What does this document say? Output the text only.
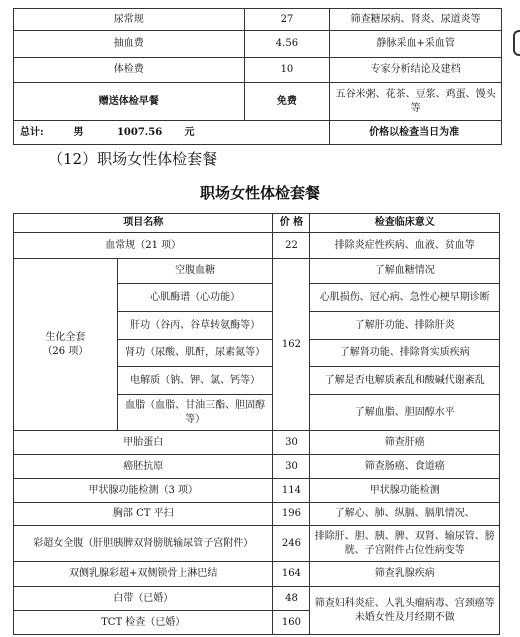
尿常规	27	筛查糖尿病、肾炎、尿道炎等
抽血费	4.56	静脉采血+采血管
体检费	10	专家分析结论及建档
赠送体检早餐	免费	五谷米粥、花茶、豆浆、鸡蛋、馒头等
总计: 男 1007.56 元		价格以检查当日为准
（12）职场女性体检套餐
职场女性体检套餐
项目名称		价 格	检查临床意义
血常规（21 项）		22	排除炎症性疾病、血液、贫血等

生化全套
（26 项）	空腹血糖	162	了解血糖情况
	心肌酶谱（心功能）		心肌损伤、冠心病、急性心梗早期诊断
	肝功（谷丙、谷草转氨酶等）		了解肝功能、排除肝炎
	肾功（尿酸、肌酐，尿素氮等）		了解肾功能、排除肾实质疾病
	电解质（钠、钾、氯、钙等）		了解是否电解质紊乱和酸碱代谢紊乱
	血脂（血脂、甘油三酯、胆固醇等）		了解血脂、胆固醇水平
甲胎蛋白		30	筛查肝癌
癌胚抗原		30	筛查肠癌、食道癌
甲状腺功能检测（3 项）		114	甲状腺功能检测
胸部 CT 平扫		196	了解心、肺、纵膈、膈肌情况、
彩超女全腹（肝胆胰脾双肾膀胱输尿管子宫附件）		246	排除肝、胆、胰、脾、双肾、输尿管、膀胱、子宫附件占位性病变等
双侧乳腺彩超+双侧锁骨上淋巴结		164	筛查乳腺疾病
白带（已婚）		48	筛查妇科炎症、人乳头瘤病毒、宫颈癌等未婚女性及月经期不做
TCT 检查（已婚）		160	
